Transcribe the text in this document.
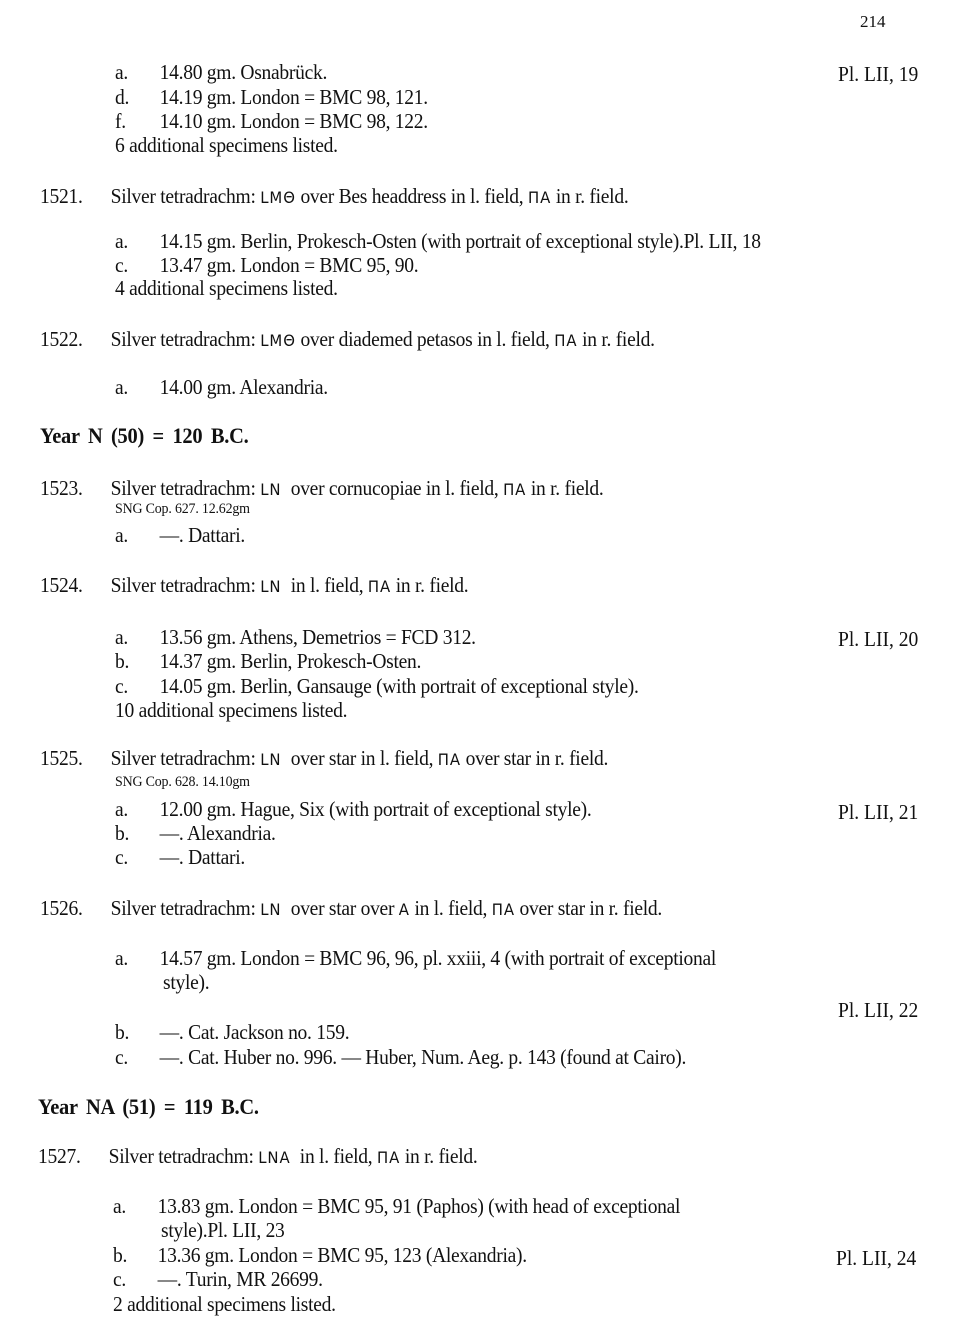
214
a. 14.80 gm. Osnabrück.	Pl. LII, 19
d. 14.19 gm. London = BMC 98, 121.
f. 14.10 gm. London = BMC 98, 122.
6 additional specimens listed.
1521. Silver tetradrachm: LMΘ over Bes headdress in l. field, ΠΑ in r. field.
a. 14.15 gm. Berlin, Prokesch-Osten (with portrait of exceptional style).Pl. LII, 18
c. 13.47 gm. London = BMC 95, 90.
4 additional specimens listed.
1522. Silver tetradrachm: LMΘ over diademed petasos in l. field, ΠΑ in r. field.
a. 14.00 gm. Alexandria.
Year N (50) = 120 B.C.
1523. Silver tetradrachm: LN over cornucopiae in l. field, ΠΑ in r. field.
SNG Cop. 627. 12.62gm
a. —. Dattari.
1524. Silver tetradrachm: LN in l. field, ΠΑ in r. field.
a. 13.56 gm. Athens, Demetrios = FCD 312.	Pl. LII, 20
b. 14.37 gm. Berlin, Prokesch-Osten.
c. 14.05 gm. Berlin, Gansauge (with portrait of exceptional style).
10 additional specimens listed.
1525. Silver tetradrachm: LN over star in l. field, ΠΑ over star in r. field.
SNG Cop. 628. 14.10gm
a. 12.00 gm. Hague, Six (with portrait of exceptional style).	Pl. LII, 21
b. —. Alexandria.
c. —. Dattari.
1526. Silver tetradrachm: LN over star over A in l. field, ΠΑ over star in r. field.
a. 14.57 gm. London = BMC 96, 96, pl. xxiii, 4 (with portrait of exceptional
style).
Pl. LII, 22
b. —. Cat. Jackson no. 159.
c. —. Cat. Huber no. 996. — Huber, Num. Aeg. p. 143 (found at Cairo).
Year NA (51) = 119 B.C.
1527. Silver tetradrachm: LNA in l. field, ΠΑ in r. field.
a. 13.83 gm. London = BMC 95, 91 (Paphos) (with head of exceptional
style).Pl. LII, 23
b. 13.36 gm. London = BMC 95, 123 (Alexandria).	Pl. LII, 24
c. —. Turin, MR 26699.
2 additional specimens listed.
